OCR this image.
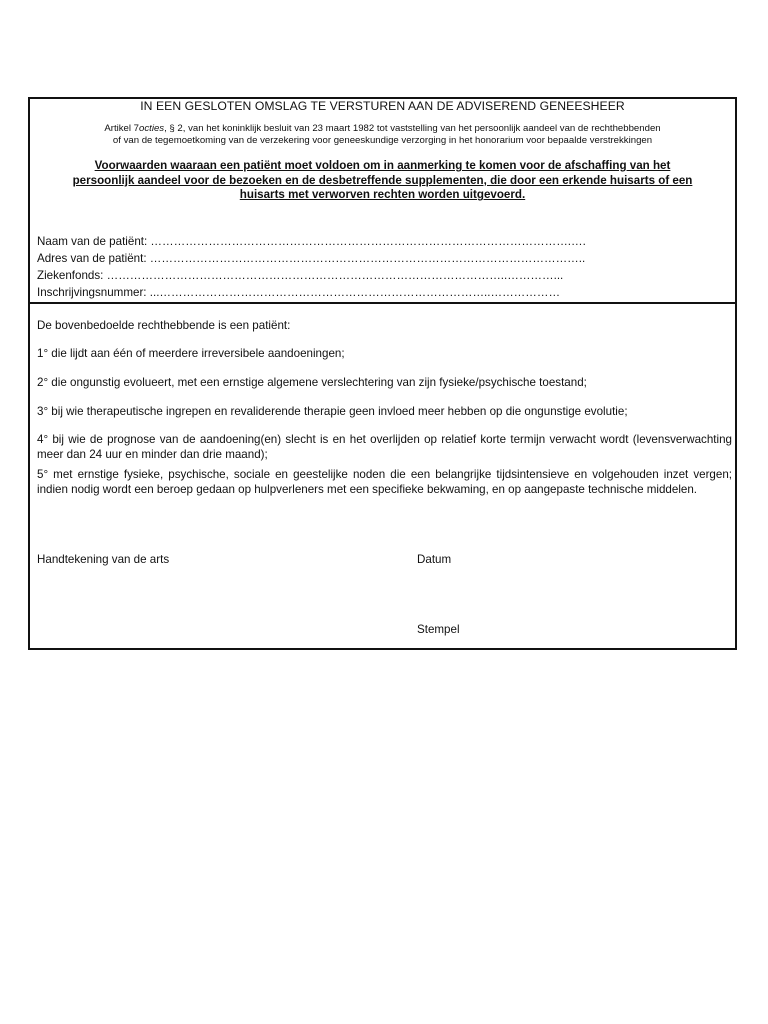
IN EEN GESLOTEN OMSLAG TE VERSTUREN AAN DE ADVISEREND GENEESHEER
Artikel 7octies, § 2, van het koninklijk besluit van 23 maart 1982 tot vaststelling van het persoonlijk aandeel van de rechthebbenden
of van de tegemoetkoming van de verzekering voor geneeskundige verzorging in het honorarium voor bepaalde verstrekkingen
Voorwaarden waaraan een patiënt moet voldoen om in aanmerking te komen voor de afschaffing van het
persoonlijk aandeel voor de bezoeken en de desbetreffende supplementen, die door een erkende huisarts of een
huisarts met verworven rechten worden uitgevoerd.
Naam van de patiënt: ……………………………………………………………………………………………….….
Adres van de patiënt: …………………………………………………………………………………………………..
Ziekenfonds: …………………………………………………………………………………………..…………...
Inschrijvingsnummer: ...…………………………………………………………………………..………………
De bovenbedoelde rechthebbende is een patiënt:
1° die lijdt aan één of meerdere irreversibele aandoeningen;
2° die ongunstig evolueert, met een ernstige algemene verslechtering van zijn fysieke/psychische toestand;
3° bij wie therapeutische ingrepen en revaliderende therapie geen invloed meer hebben op die ongunstige evolutie;
4° bij wie de prognose van de aandoening(en) slecht is en het overlijden op relatief korte termijn verwacht wordt (levensverwachting meer dan 24 uur en minder dan drie maand);
5° met ernstige fysieke, psychische, sociale en geestelijke noden die een belangrijke tijdsintensieve en volgehouden inzet vergen; indien nodig wordt een beroep gedaan op hulpverleners met een specifieke bekwaming, en op aangepaste technische middelen.
Handtekening van de arts	Datum
Stempel
